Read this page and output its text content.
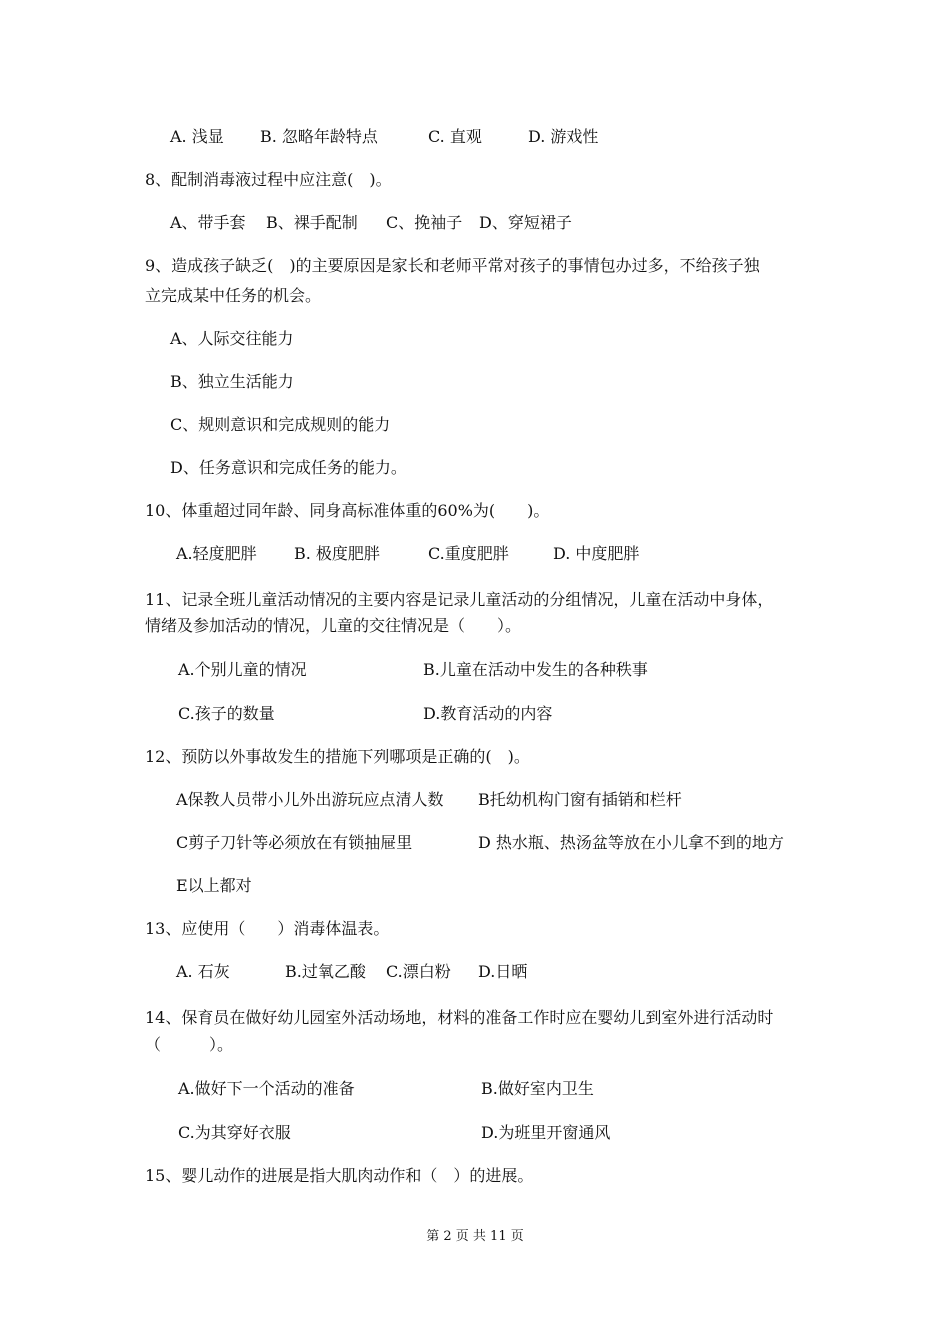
A. 浅显 B. 忽略年龄特点	C. 直观	D. 游戏性
8、配制消毒液过程中应注意(　)。
A、带手套 B、裸手配制 C、挽袖子 D、穿短裙子
9、造成孩子缺乏(　)的主要原因是家长和老师平常对孩子的事情包办过多，不给孩子独
立完成某中任务的机会。
A、人际交往能力
B、独立生活能力
C、规则意识和完成规则的能力
D、任务意识和完成任务的能力。
10、体重超过同年龄、同身高标准体重的60%为(　　)。
A.轻度肥胖 B. 极度肥胖	C.重度肥胖	D. 中度肥胖
11、记录全班儿童活动情况的主要内容是记录儿童活动的分组情况，儿童在活动中身体，
情绪及参加活动的情况，儿童的交往情况是（　　）。
A.个别儿童的情况	B.儿童在活动中发生的各种秩事
C.孩子的数量	D.教育活动的内容
12、预防以外事故发生的措施下列哪项是正确的(　)。
A保教人员带小儿外出游玩应点清人数 B托幼机构门窗有插销和栏杆
C剪子刀针等必须放在有锁抽屉里	D 热水瓶、热汤盆等放在小儿拿不到的地方
E以上都对
13、应使用（　　）消毒体温表。
A. 石灰	B.过氧乙酸 C.漂白粉 D.日晒
14、保育员在做好幼儿园室外活动场地，材料的准备工作时应在婴幼儿到室外进行活动时
（　　　）。
A.做好下一个活动的准备	B.做好室内卫生
C.为其穿好衣服	D.为班里开窗通风
15、婴儿动作的进展是指大肌肉动作和（　）的进展。
第 2 页 共 11 页
